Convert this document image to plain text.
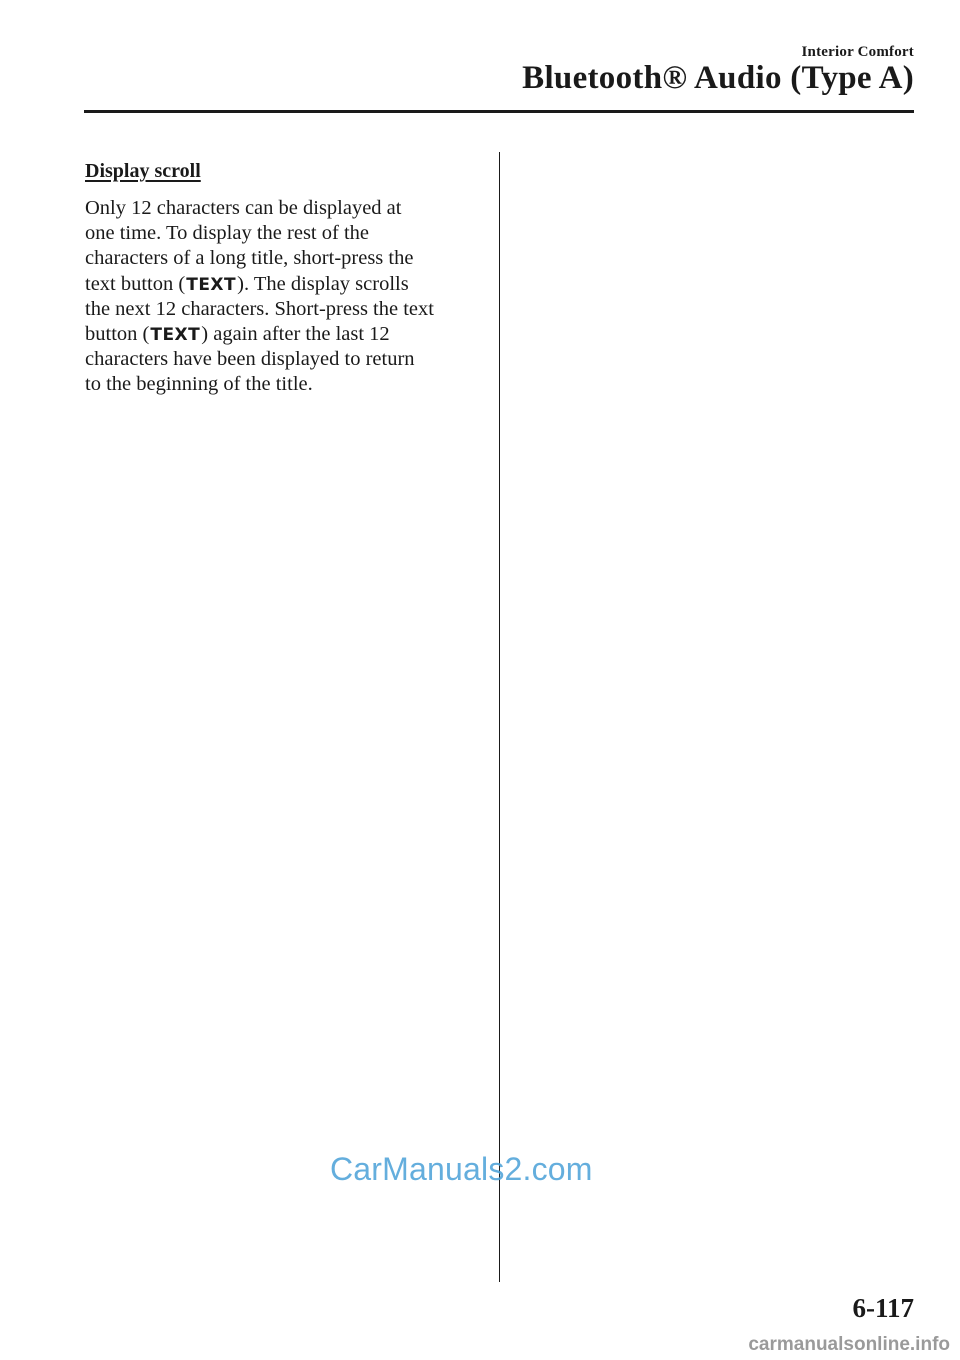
Interior Comfort
Bluetooth® Audio (Type A)
Display scroll

Only 12 characters can be displayed at
one time. To display the rest of the
characters of a long title, short-press the
text button (TEXT). The display scrolls
the next 12 characters. Short-press the text
button (TEXT) again after the last 12
characters have been displayed to return
to the beginning of the title.

CarManuals2.com
6-117
carmanualsonline.info
